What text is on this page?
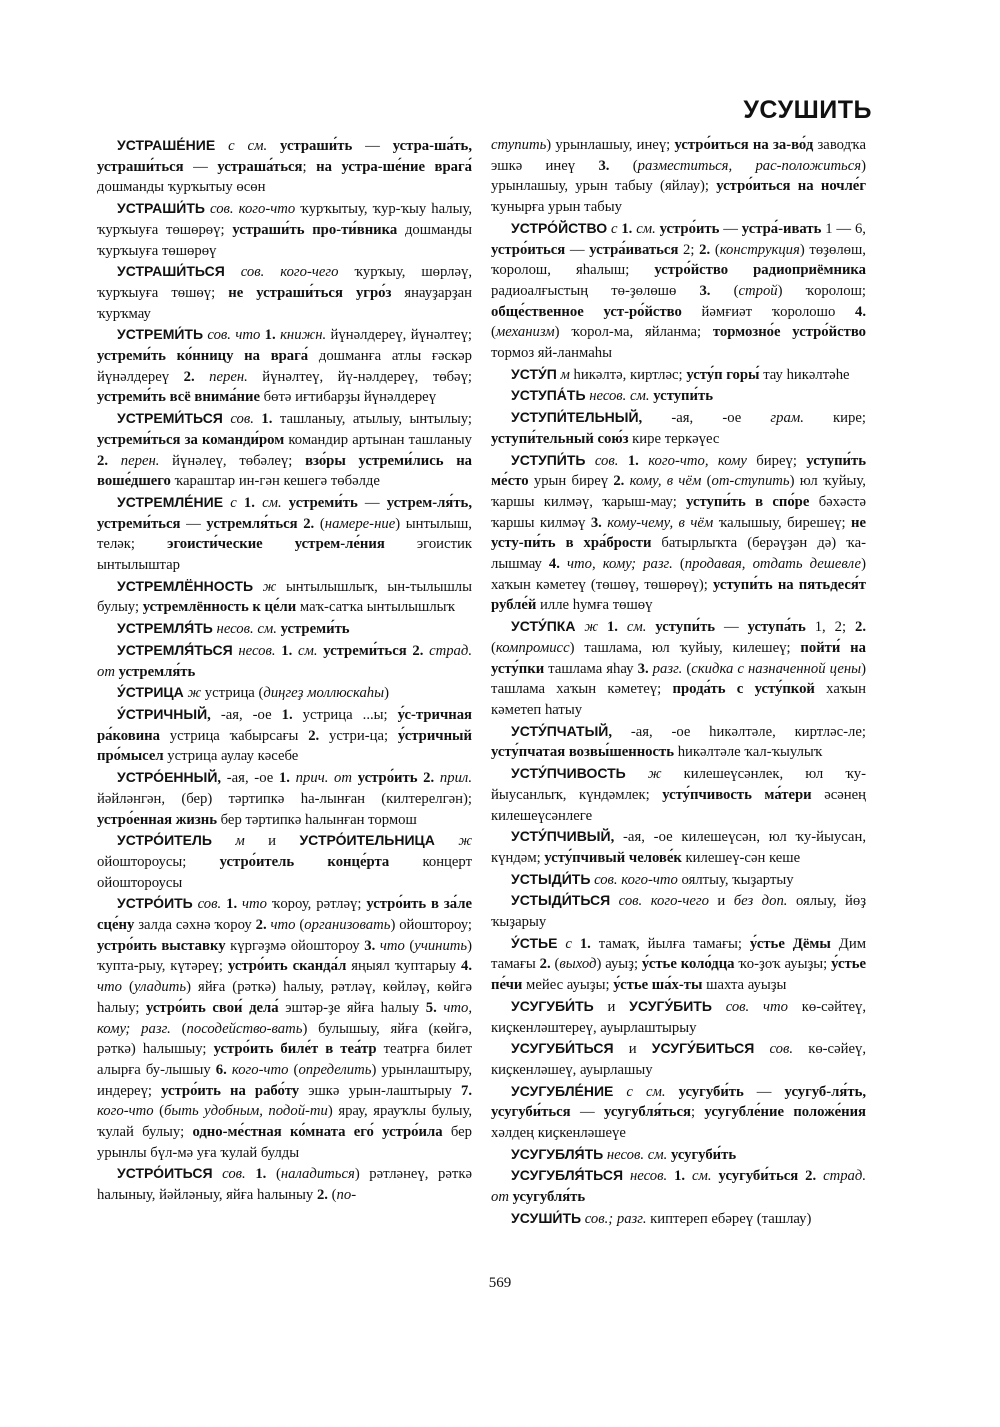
УСУШИТЬ

УСТРАШЕ́НИЕ с см. устраши́ть — устра-ша́ть, устраши́ться — устраша́ться; на устра-ше́ние врага́ дошманды ҡурҡытыу өсөн

УСТРАШИ́ТЬ сов. кого-что ҡурҡытыу, ҡур-ҡыу һалыу, ҡурҡыуға төшөрөү; устраши́ть про-ти́вника дошманды ҡурҡыуға төшөрөү

УСТРАШИ́ТЬСЯ сов. кого-чего ҡурҡыу, шөрләү, ҡурҡыуға төшөү; не устраши́ться угро́з янауҙарҙан ҡурҡмау

УСТРЕМИ́ТЬ сов. что 1. книжн. йүнәлдереү, йүнәлтеү; устреми́ть ко́нницу на врага́ дошманға атлы ғәскәр йүнәлдереү 2. перен. йүнәлтеү, йү-нәлдереү, төбәү; устреми́ть всё внима́ние бөтә иғтибарҙы йүнәлдереү

УСТРЕМИ́ТЬСЯ сов. 1. ташланыу, атылыу, ынтылыу; устреми́ться за команди́ром командир артынан ташланыу 2. перен. йүнәлеү, төбәлеү; взо́ры устреми́лись на воше́дшего ҡараштар ин-гән кешегә төбәлде

УСТРЕМЛЕ́НИЕ с 1. см. устреми́ть — устрем-ля́ть, устреми́ться — устремля́ться 2. (намере-ние) ынтылыш, теләк; эгоисти́ческие устрем-ле́ния эгоистик ынтылыштар

УСТРЕМЛЁННОСТЬ ж ынтылышлыҡ, ын-тылышлы булыу; устремлённость к це́ли маҡ-сатҡа ынтылышлыҡ

УСТРЕМЛЯ́ТЬ несов. см. устреми́ть

УСТРЕМЛЯ́ТЬСЯ несов. 1. см. устреми́ться 2. страд. от устремля́ть

У́СТРИЦА ж устрица (диңгеҙ моллюскаһы)

У́СТРИЧНЫЙ, -ая, -ое 1. устрица ...ы; у́с-тричная ра́ковина устрица ҡабырсағы 2. устри-ца; у́стричный про́мысел устрица аулау кәсебе

УСТРО́ЕННЫЙ, -ая, -ое 1. прич. от устро́ить 2. прил. йәйләнгән, (бер) тәртипкә һа-лынған (килтерелгән); устро́енная жизнь бер тәртипкә һалынған тормош

УСТРО́ИТЕЛЬ м и УСТРО́ИТЕЛЬНИЦА ж ойоштороусы; устро́итель конце́рта концерт ойоштороусы

УСТРО́ИТЬ сов. 1. что ҡороу, рәтләү; устро́ить в за́ле сце́ну залда сәхнә ҡороу 2. что (организовать) ойоштороу; устро́ить выставку күргәҙмә ойоштороу 3. что (учинить) ҡупта-рыу, күтәреү; устро́ить сканда́л яңыял ҡуптарыу 4. что (уладить) яйға (рәткә) һалыу, рәтләү, көйләү, көйгә һалыу; устро́ить свои́ дела́ эштәр-ҙе яйға һалыу 5. что, кому; разг. (посодейство-вать) булышыу, яйға (көйгә, рәткә) һалышыу; устро́ить биле́т в теа́тр театрға билет алырға бу-лышыу 6. кого-что (определить) урынлаштыру, индереү; устро́ить на рабо́ту эшкә урын-лаштырыу 7. кого-что (быть удобным, подой-ти) ярау, ярауҡлы булыу, ҡулай булыу; одно-ме́стная ко́мната его́ устро́ила бер урынлы бүл-мә уға ҡулай булды

УСТРО́ИТЬСЯ сов. 1. (наладиться) рәтләнеү, рәткә һалыныу, йәйләныу, яйға һалыныу 2. (по-

ступить) урынлашыу, инеү; устро́иться на за-во́д заводҡа эшкә инеү 3. (разместиться, рас-положиться) урынлашыу, урын табыу (яйлау); устро́иться на ночле́г ҡунырға урын табыу

УСТРО́ЙСТВО с 1. см. устро́ить — устра́-ивать 1 — 6, устро́иться — устра́иваться 2; 2. (конструкция) төҙөлөш, ҡоролош, яһалыш; устро́йство радиоприёмника радиоалғыстың тө-ҙөлөшө 3. (строй) ҡоролош; обще́ственное уст-ро́йство йәмғиәт ҡоролошо 4. (механизм) ҡорол-ма, яйланма; тормозно́е устро́йство тормоз яй-ланмаһы

УСТУ́П м һикәлтә, киртләс; усту́п горы́ тау һикәлтәһе

УСТУПА́ТЬ несов. см. уступи́ть

УСТУПИ́ТЕЛЬНЫЙ, -ая, -ое грам. кире; уступи́тельный сою́з кире теркәүес

УСТУПИ́ТЬ сов. 1. кого-что, кому биреү; уступи́ть ме́сто урын биреү 2. кому, в чём (от-ступить) юл ҡуйыу, ҡаршы килмәү, ҡарыш-мау; уступи́ть в спо́ре бәхәстә ҡаршы килмәү 3. кому-чему, в чём ҡалышыу, бирешеү; не усту-пи́ть в хра́брости батырлыҡта (берәүҙән дә) ҡа-лышмау 4. что, кому; разг. (продавая, отдать дешевле) хаҡын кәметеү (төшөү, төшөрөү); уступи́ть на пятьдеся́т рубле́й илле һумға төшөү

УСТУ́ПКА ж 1. см. уступи́ть — уступа́ть 1, 2; 2. (компромисс) ташлама, юл ҡуйыу, килешеү; пойти́ на усту́пки ташлама яһау 3. разг. (скидка с назначенной цены) ташлама хаҡын кәметеү; прода́ть с усту́пкой хаҡын кәметеп һатыу

УСТУ́ПЧАТЫЙ, -ая, -ое һикәлтәле, киртләс-ле; усту́пчатая возвы́шенность һикәлтәле ҡал-ҡыулыҡ

УСТУ́ПЧИВОСТЬ ж килешеүсәнлек, юл ҡу-йыусанлыҡ, күндәмлек; усту́пчивость ма́тери әсәнең килешеүсәнлеге

УСТУ́ПЧИВЫЙ, -ая, -ое килешеүсән, юл ҡу-йыусан, күндәм; усту́пчивый челове́к килешеү-сән кеше

УСТЫДИ́ТЬ сов. кого-что оялтыу, ҡыҙартыу

УСТЫДИ́ТЬСЯ сов. кого-чего и без доп. оялыу, йөҙ ҡыҙарыу

У́СТЬЕ с 1. тамаҡ, йылға тамағы; у́стье Дёмы Дим тамағы 2. (выход) ауыҙ; у́стье коло́дца ҡо-ҙоҡ ауыҙы; у́стье пе́чи мейес ауыҙы; у́стье ша́х-ты шахта ауыҙы

УСУГУБИ́ТЬ и УСУГУ́БИТЬ сов. что кө-сәйтеү, киҫкенләштереү, ауырлаштырыу

УСУГУБИ́ТЬСЯ и УСУГУ́БИТЬСЯ сов. кө-сәйеү, киҫкенләшеү, ауырлашыу

УСУГУБЛЕ́НИЕ с см. усугуби́ть — усугуб-ля́ть, усугуби́ться — усугубля́ться; усугубле́ние положе́ния хәлдең киҫкенләшеүе

УСУГУБЛЯ́ТЬ несов. см. усугуби́ть

УСУГУБЛЯ́ТЬСЯ несов. 1. см. усугуби́ться 2. страд. от усугубля́ть

УСУШИ́ТЬ сов.; разг. киптереп ебәреү (ташлау)

569
